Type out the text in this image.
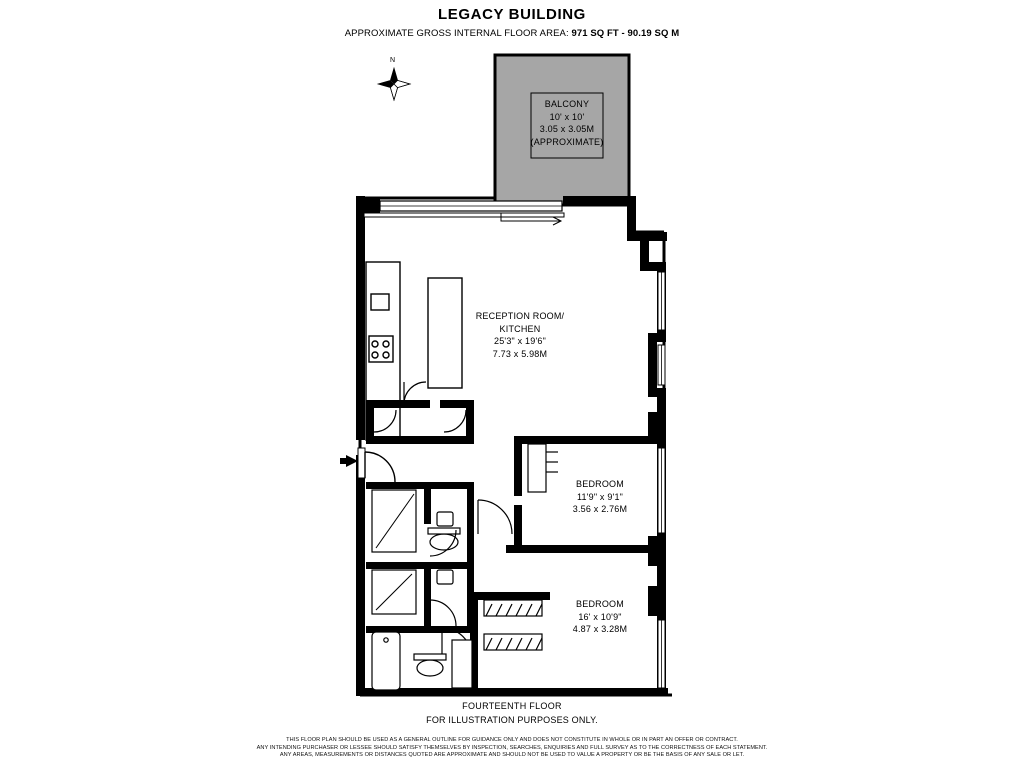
LEGACY BUILDING
APPROXIMATE GROSS INTERNAL FLOOR AREA: 971 SQ FT - 90.19 SQ M
N
BALCONY
10' x 10'
3.05 x 3.05M
(APPROXIMATE)
RECEPTION ROOM/
KITCHEN
25'3" x 19'6"
7.73 x 5.98M
BEDROOM
11'9" x 9'1"
3.56 x 2.76M
BEDROOM
16' x 10'9"
4.87 x 3.28M
FOURTEENTH FLOOR
FOR ILLUSTRATION PURPOSES ONLY.
THIS FLOOR PLAN SHOULD BE USED AS A GENERAL OUTLINE FOR GUIDANCE ONLY AND DOES NOT CONSTITUTE IN WHOLE OR IN PART AN OFFER OR CONTRACT.
ANY INTENDING PURCHASER OR LESSEE SHOULD SATISFY THEMSELVES BY INSPECTION, SEARCHES, ENQUIRIES AND FULL SURVEY AS TO THE CORRECTNESS OF EACH STATEMENT.
ANY AREAS, MEASUREMENTS OR DISTANCES QUOTED ARE APPROXIMATE AND SHOULD NOT BE USED TO VALUE A PROPERTY OR BE THE BASIS OF ANY SALE OR LET.
